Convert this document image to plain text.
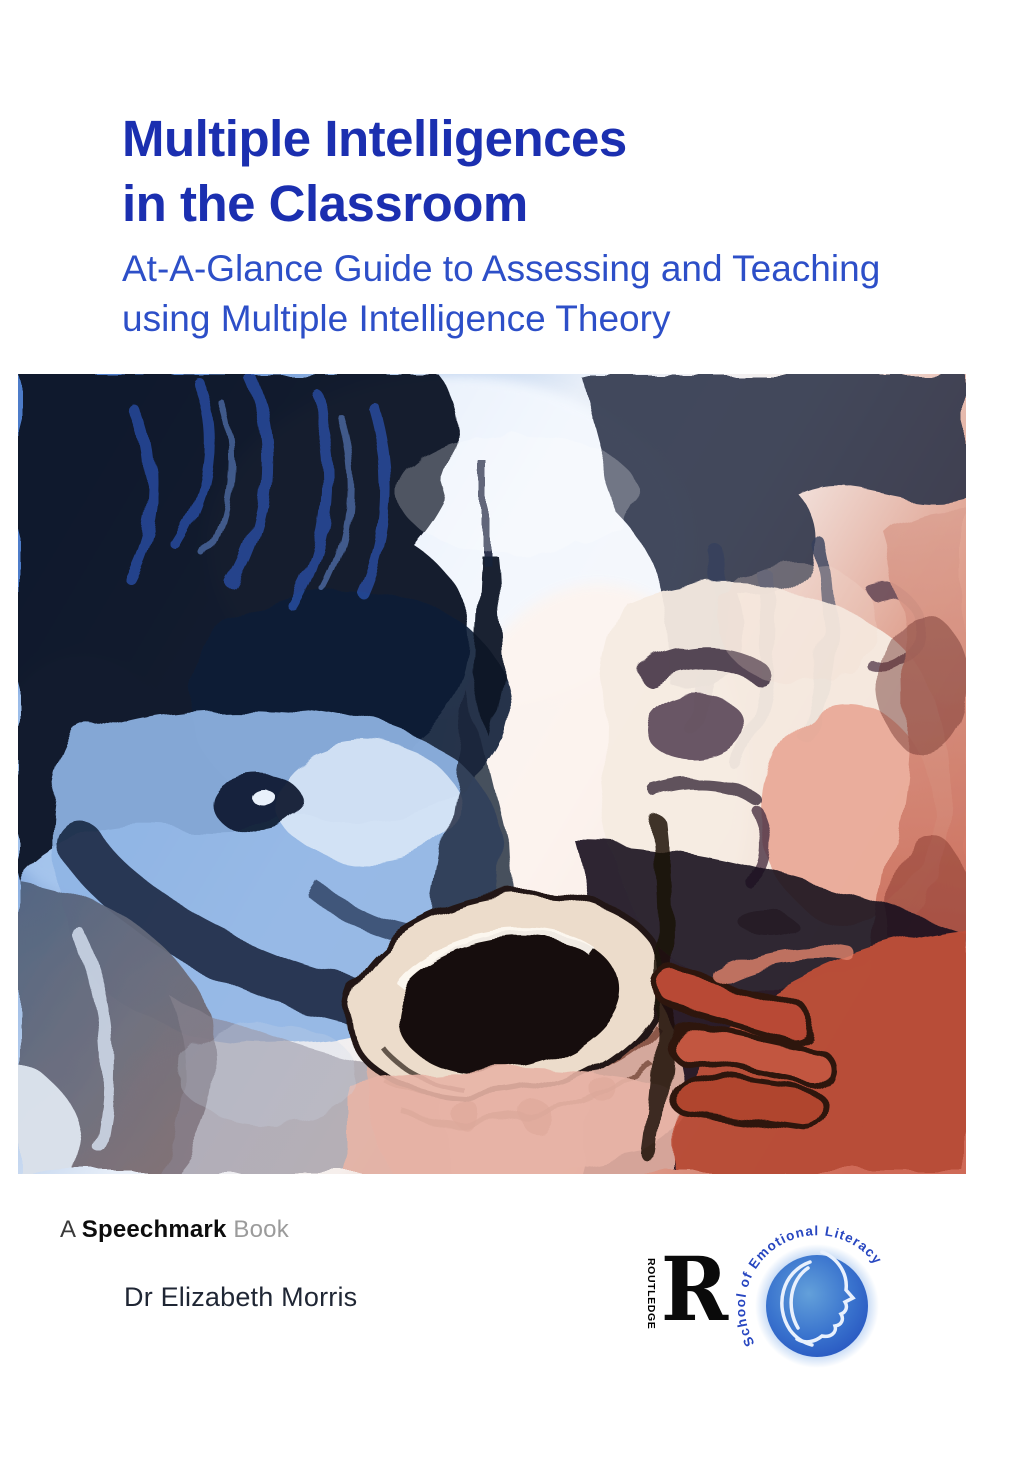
Multiple Intelligences
in the Classroom
At-A-Glance Guide to Assessing and Teaching
using Multiple Intelligence Theory
A Speechmark Book
Dr Elizabeth Morris	ROUTLEDGE R
School of Emotional Literacy
